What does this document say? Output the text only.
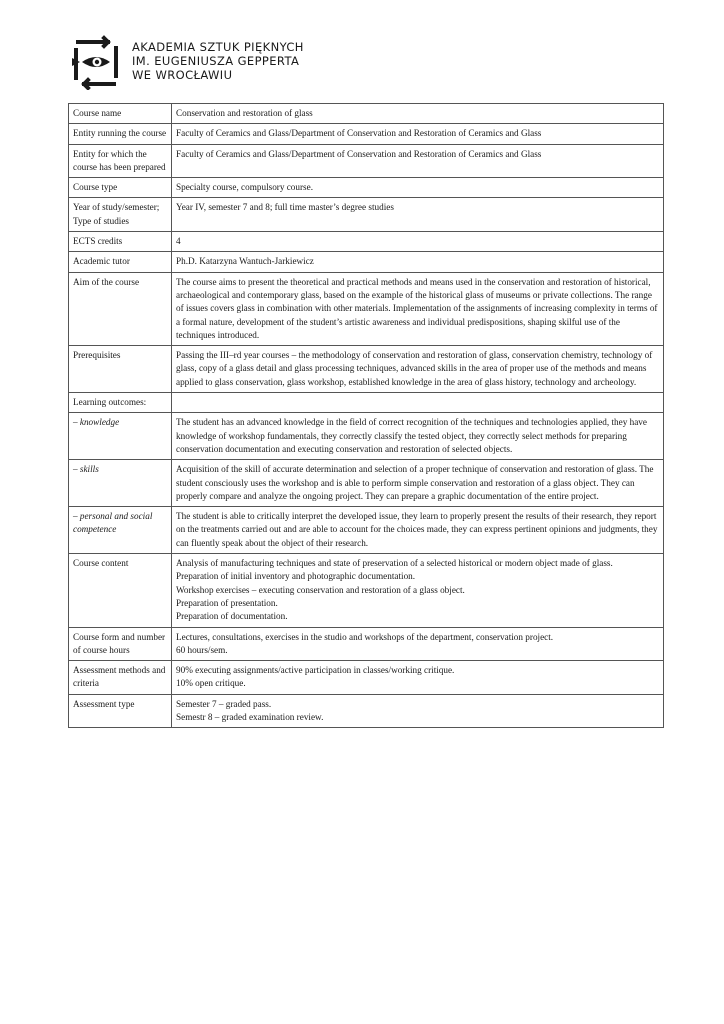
AKADEMIA SZTUK PIĘKNYCH
IM. EUGENIUSZA GEPPERTA
WE WROCŁAWIU
Course name	Conservation and restoration of glass
Entity running the course	Faculty of Ceramics and Glass/Department of Conservation and Restoration of Ceramics and Glass
Entity for which the course has been prepared	Faculty of Ceramics and Glass/Department of Conservation and Restoration of Ceramics and Glass
Course type	Specialty course, compulsory course.
Year of study/semester; Type of studies	Year IV, semester 7 and 8; full time master’s degree studies
ECTS credits	4
Academic tutor	Ph.D. Katarzyna Wantuch-Jarkiewicz
Aim of the course	The course aims to present the theoretical and practical methods and means used in the conservation and restoration of historical, archaeological and contemporary glass, based on the example of the historical glass of museums or private collections. The range of issues covers glass in combination with other materials. Implementation of the assignments of increasing complexity in terms of a formal nature, development of the student’s artistic awareness and individual predispositions, shaping skilful use of the techniques introduced.
Prerequisites	Passing the III–rd year courses – the methodology of conservation and restoration of glass, conservation chemistry, technology of glass, copy of a glass detail and glass processing techniques, advanced skills in the area of proper use of the methods and means applied to glass conservation, glass workshop, established knowledge in the area of glass history, technology and archeology.
Learning outcomes:	
– knowledge	The student has an advanced knowledge in the field of correct recognition of the techniques and technologies applied, they have knowledge of workshop fundamentals, they correctly classify the tested object, they correctly select methods for preparing conservation documentation and executing conservation and restoration of selected objects.
– skills	Acquisition of the skill of accurate determination and selection of a proper technique of conservation and restoration of glass. The student consciously uses the workshop and is able to perform simple conservation and restoration of a glass object. They can properly compare and analyze the ongoing project. They can prepare a graphic documentation of the entire project.
– personal and social competence	The student is able to critically interpret the developed issue, they learn to properly present the results of their research, they report on the treatments carried out and are able to account for the choices made, they can express pertinent opinions and judgments, they can fluently speak about the object of their research.
Course content	Analysis of manufacturing techniques and state of preservation of a selected historical or modern object made of glass.
Preparation of initial inventory and photographic documentation.
Workshop exercises – executing conservation and restoration of a glass object.
Preparation of presentation.
Preparation of documentation.

Course form and number of course hours	Lectures, consultations, exercises in the studio and workshops of the department, conservation project.
60 hours/sem.

Assessment methods and criteria	90% executing assignments/active participation in classes/working critique.
10% open critique.

Assessment type	Semester 7 – graded pass.
Semestr 8 – graded examination review.
